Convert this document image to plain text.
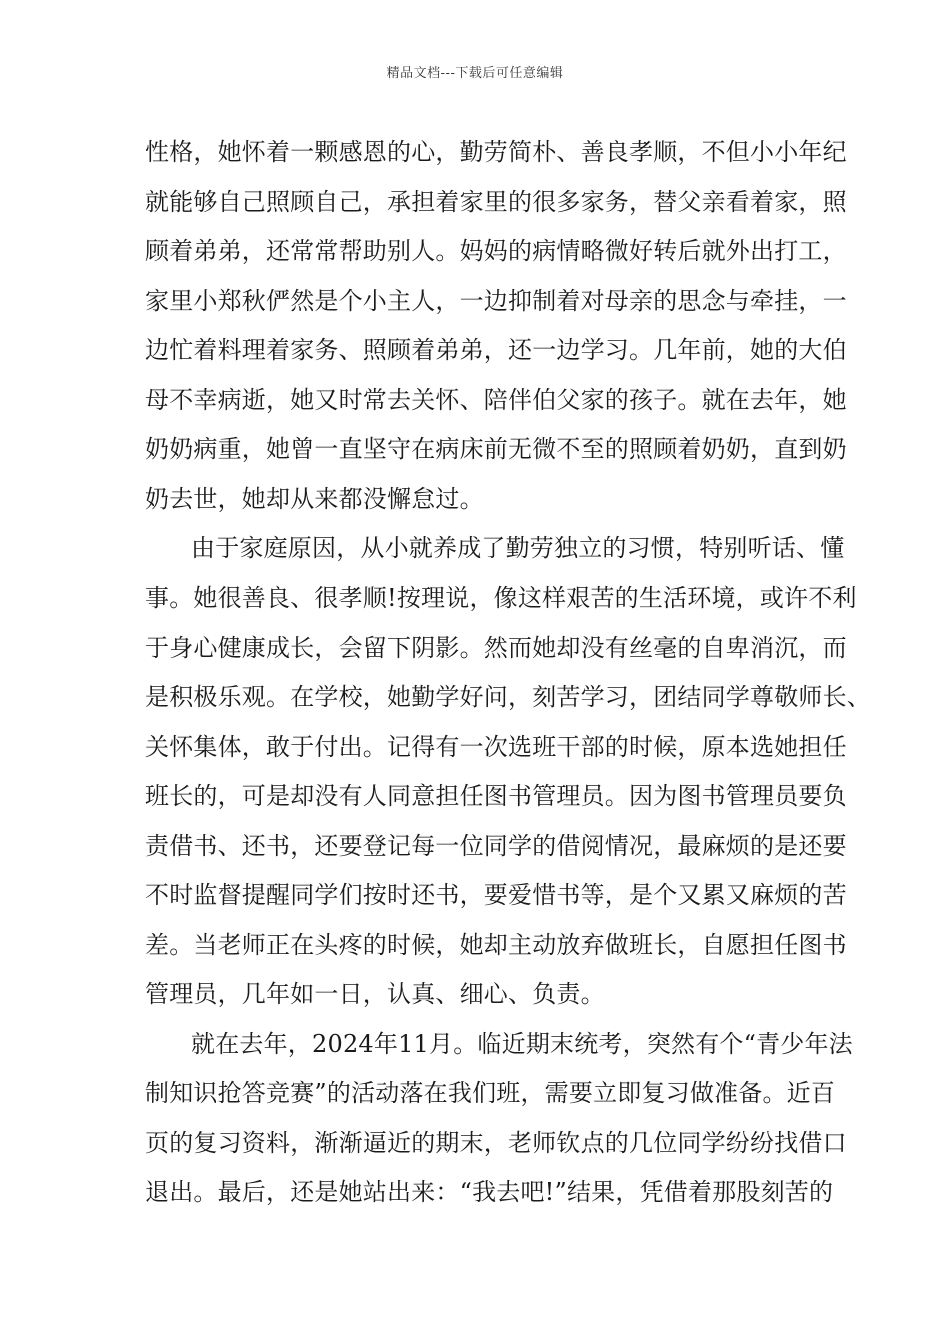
精品文档---下载后可任意编辑
性格，她怀着一颗感恩的心，勤劳简朴、善良孝顺，不但小小年纪
就能够自己照顾自己，承担着家里的很多家务，替父亲看着家，照
顾着弟弟，还常常帮助别人。妈妈的病情略微好转后就外出打工，
家里小郑秋俨然是个小主人，一边抑制着对母亲的思念与牵挂，一
边忙着料理着家务、照顾着弟弟，还一边学习。几年前，她的大伯
母不幸病逝，她又时常去关怀、陪伴伯父家的孩子。就在去年，她
奶奶病重，她曾一直坚守在病床前无微不至的照顾着奶奶，直到奶
奶去世，她却从来都没懈怠过。
由于家庭原因，从小就养成了勤劳独立的习惯，特别听话、懂
事。她很善良、很孝顺!按理说，像这样艰苦的生活环境，或许不利
于身心健康成长，会留下阴影。然而她却没有丝毫的自卑消沉，而
是积极乐观。在学校，她勤学好问，刻苦学习，团结同学尊敬师长、
关怀集体，敢于付出。记得有一次选班干部的时候，原本选她担任
班长的，可是却没有人同意担任图书管理员。因为图书管理员要负
责借书、还书，还要登记每一位同学的借阅情况，最麻烦的是还要
不时监督提醒同学们按时还书，要爱惜书等，是个又累又麻烦的苦
差。当老师正在头疼的时候，她却主动放弃做班长，自愿担任图书
管理员，几年如一日，认真、细心、负责。
就在去年，2024年11月。临近期末统考，突然有个“青少年法
制知识抢答竞赛”的活动落在我们班，需要立即复习做准备。近百
页的复习资料，渐渐逼近的期末，老师钦点的几位同学纷纷找借口
退出。最后，还是她站出来：“我去吧!”结果，凭借着那股刻苦的
